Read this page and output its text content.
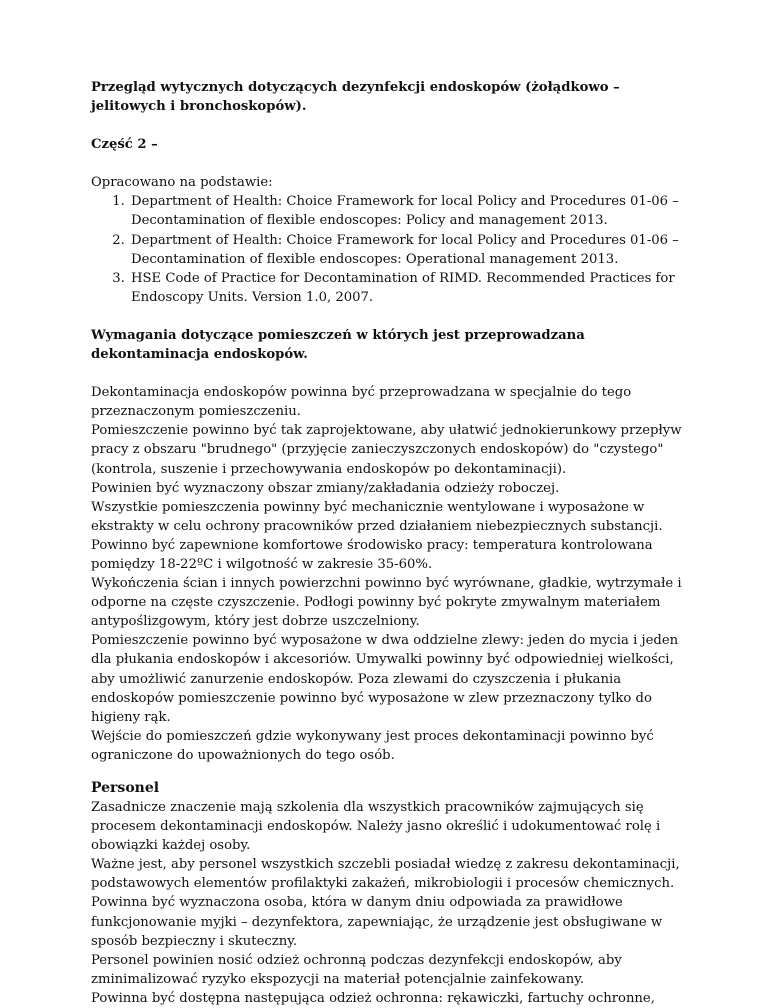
Przegląd wytycznych dotyczących dezynfekcji endoskopów (żołądkowo – jelitowych i bronchoskopów).

Część 2 –

Opracowano na podstawie:

1. Department of Health: Choice Framework for local Policy and Procedures 01-06 – Decontamination of flexible endoscopes: Policy and management 2013.
2. Department of Health: Choice Framework for local Policy and Procedures 01-06 – Decontamination of flexible endoscopes: Operational management 2013.
3. HSE Code of Practice for Decontamination of RIMD. Recommended Practices for Endoscopy Units. Version 1.0, 2007.

Wymagania dotyczące pomieszczeń w których jest przeprowadzana dekontaminacja endoskopów.

Dekontaminacja endoskopów powinna być przeprowadzana w specjalnie do tego przeznaczonym pomieszczeniu.

Pomieszczenie powinno być tak zaprojektowane, aby ułatwić jednokierunkowy przepływ pracy z obszaru "brudnego" (przyjęcie zanieczyszczonych endoskopów) do "czystego" (kontrola, suszenie i przechowywania endoskopów po dekontaminacji).

Powinien być wyznaczony obszar zmiany/zakładania odzieży roboczej.

Wszystkie pomieszczenia powinny być mechanicznie wentylowane i wyposażone w ekstrakty w celu ochrony pracowników przed działaniem niebezpiecznych substancji.

Powinno być zapewnione komfortowe środowisko pracy: temperatura kontrolowana pomiędzy 18-22ºC i wilgotność w zakresie 35-60%.

Wykończenia ścian i innych powierzchni powinno być wyrównane, gładkie, wytrzymałe i odporne na częste czyszczenie. Podłogi powinny być pokryte zmywalnym materiałem antypoślizgowym, który jest dobrze uszczelniony.

Pomieszczenie powinno być wyposażone w dwa oddzielne zlewy: jeden do mycia i jeden dla płukania endoskopów i akcesoriów. Umywalki powinny być odpowiedniej wielkości, aby umożliwić zanurzenie endoskopów. Poza zlewami do czyszczenia i płukania endoskopów pomieszczenie powinno być wyposażone w zlew przeznaczony tylko do higieny rąk.

Wejście do pomieszczeń gdzie wykonywany jest proces dekontaminacji powinno być ograniczone do upoważnionych do tego osób.

Personel

Zasadnicze znaczenie mają szkolenia dla wszystkich pracowników zajmujących się procesem dekontaminacji endoskopów. Należy jasno określić i udokumentować rolę i obowiązki każdej osoby.

Ważne jest, aby personel wszystkich szczebli posiadał wiedzę z zakresu dekontaminacji, podstawowych elementów profilaktyki zakażeń, mikrobiologii i procesów chemicznych.

Powinna być wyznaczona osoba, która w danym dniu odpowiada za prawidłowe funkcjonowanie myjki – dezynfektora, zapewniając, że urządzenie jest obsługiwane w sposób bezpieczny i skuteczny.

Personel powinien nosić odzież ochronną podczas dezynfekcji endoskopów, aby zminimalizować ryzyko ekspozycji na materiał potencjalnie zainfekowany.

Powinna być dostępna następująca odzież ochronna: rękawiczki, fartuchy ochronne,
